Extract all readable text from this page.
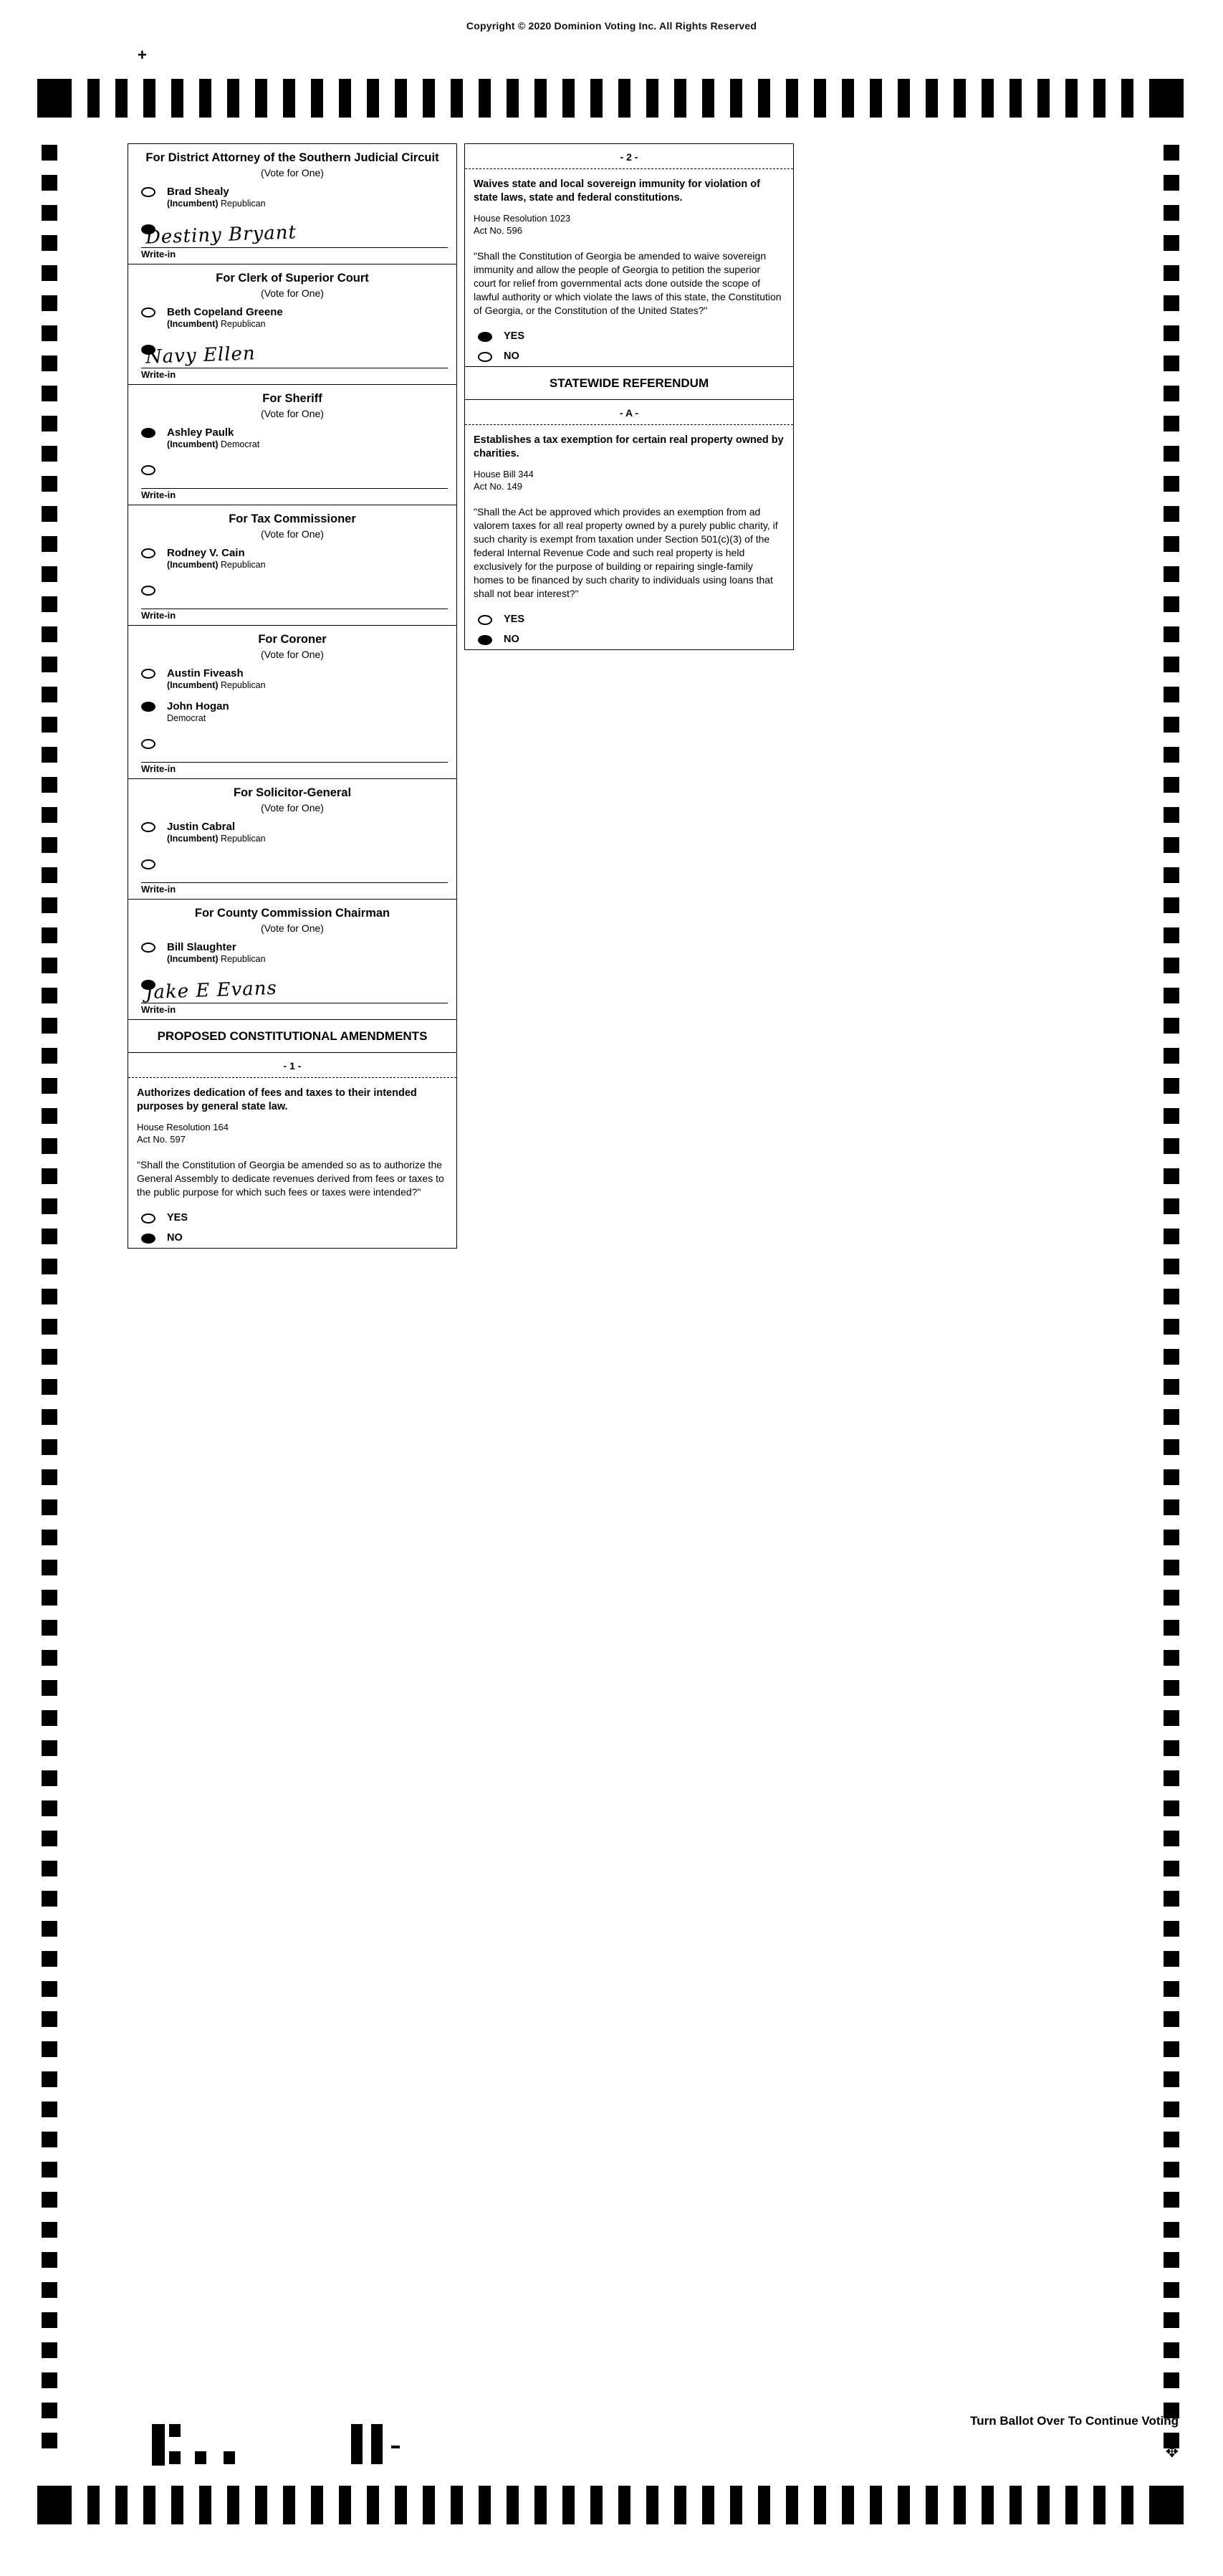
Copyright © 2020 Dominion Voting Inc. All Rights Reserved
+
For District Attorney of the Southern Judicial Circuit
(Vote for One)
Brad Shealy
(Incumbent) Republican
Destiny Bryant
Write-in
For Clerk of Superior Court
(Vote for One)
Beth Copeland Greene
(Incumbent) Republican
Navy Ellen
Write-in
For Sheriff
(Vote for One)
Ashley Paulk
(Incumbent) Democrat
Write-in
For Tax Commissioner
(Vote for One)
Rodney V. Cain
(Incumbent) Republican
Write-in
For Coroner
(Vote for One)
Austin Fiveash
(Incumbent) Republican
John Hogan
Democrat
Write-in
For Solicitor-General
(Vote for One)
Justin Cabral
(Incumbent) Republican
Write-in
For County Commission Chairman
(Vote for One)
Bill Slaughter
(Incumbent) Republican
Jake E Evans
Write-in
PROPOSED CONSTITUTIONAL AMENDMENTS
- 1 -
Authorizes dedication of fees and taxes to their intended purposes by general state law.
House Resolution 164
Act No. 597
"Shall the Constitution of Georgia be amended so as to authorize the General Assembly to dedicate revenues derived from fees or taxes to the public purpose for which such fees or taxes were intended?"
YES
NO
- 2 -
Waives state and local sovereign immunity for violation of state laws, state and federal constitutions.
House Resolution 1023
Act No. 596
"Shall the Constitution of Georgia be amended to waive sovereign immunity and allow the people of Georgia to petition the superior court for relief from governmental acts done outside the scope of lawful authority or which violate the laws of this state, the Constitution of Georgia, or the Constitution of the United States?"
YES
NO
STATEWIDE REFERENDUM
- A -
Establishes a tax exemption for certain real property owned by charities.
House Bill 344
Act No. 149
"Shall the Act be approved which provides an exemption from ad valorem taxes for all real property owned by a purely public charity, if such charity is exempt from taxation under Section 501(c)(3) of the federal Internal Revenue Code and such real property is held exclusively for the purpose of building or repairing single-family homes to be financed by such charity to individuals using loans that shall not bear interest?"
YES
NO
Turn Ballot Over To Continue Voting
✥
